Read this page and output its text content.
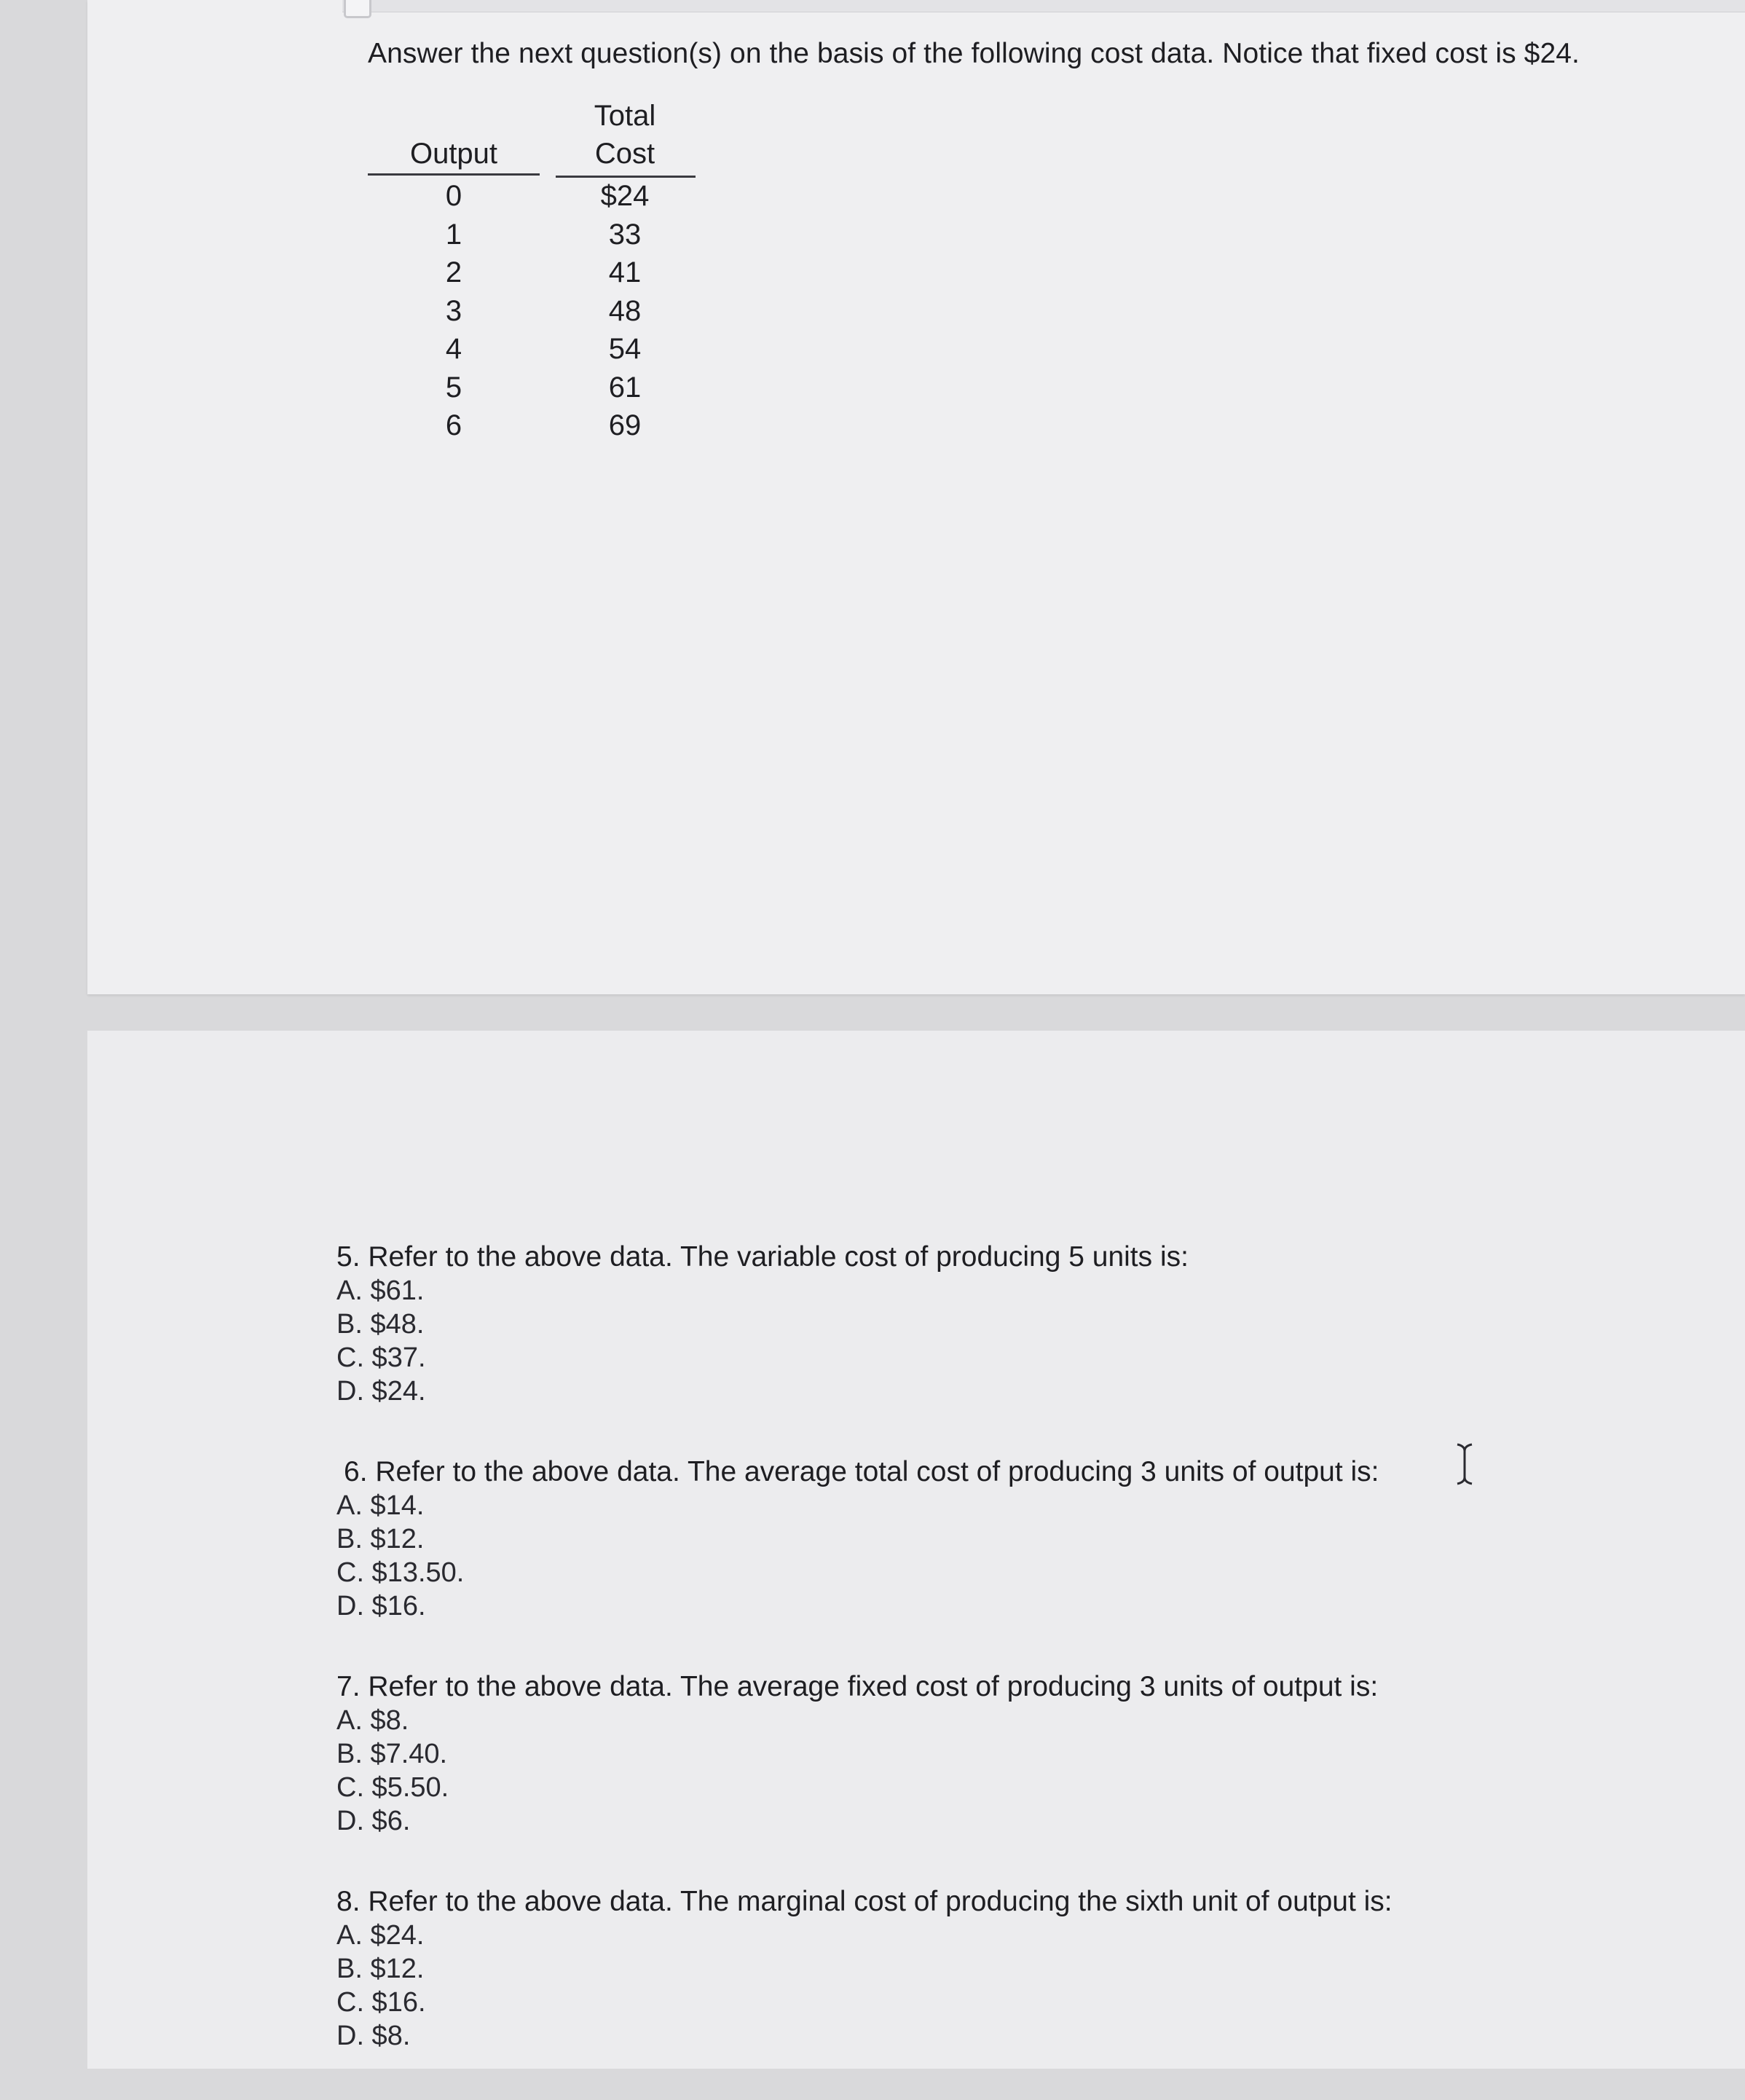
Answer the next question(s) on the basis of the following cost data. Notice that fixed cost is $24.
Total
Output	Cost
0	$24
1	33
2	41
3	48
4	54
5	61
6	69
5. Refer to the above data. The variable cost of producing 5 units is:
A. $61.
B. $48.
C. $37.
D. $24.
6. Refer to the above data. The average total cost of producing 3 units of output is:
A. $14.
B. $12.
C. $13.50.
D. $16.
7. Refer to the above data. The average fixed cost of producing 3 units of output is:
A. $8.
B. $7.40.
C. $5.50.
D. $6.
8. Refer to the above data. The marginal cost of producing the sixth unit of output is:
A. $24.
B. $12.
C. $16.
D. $8.
